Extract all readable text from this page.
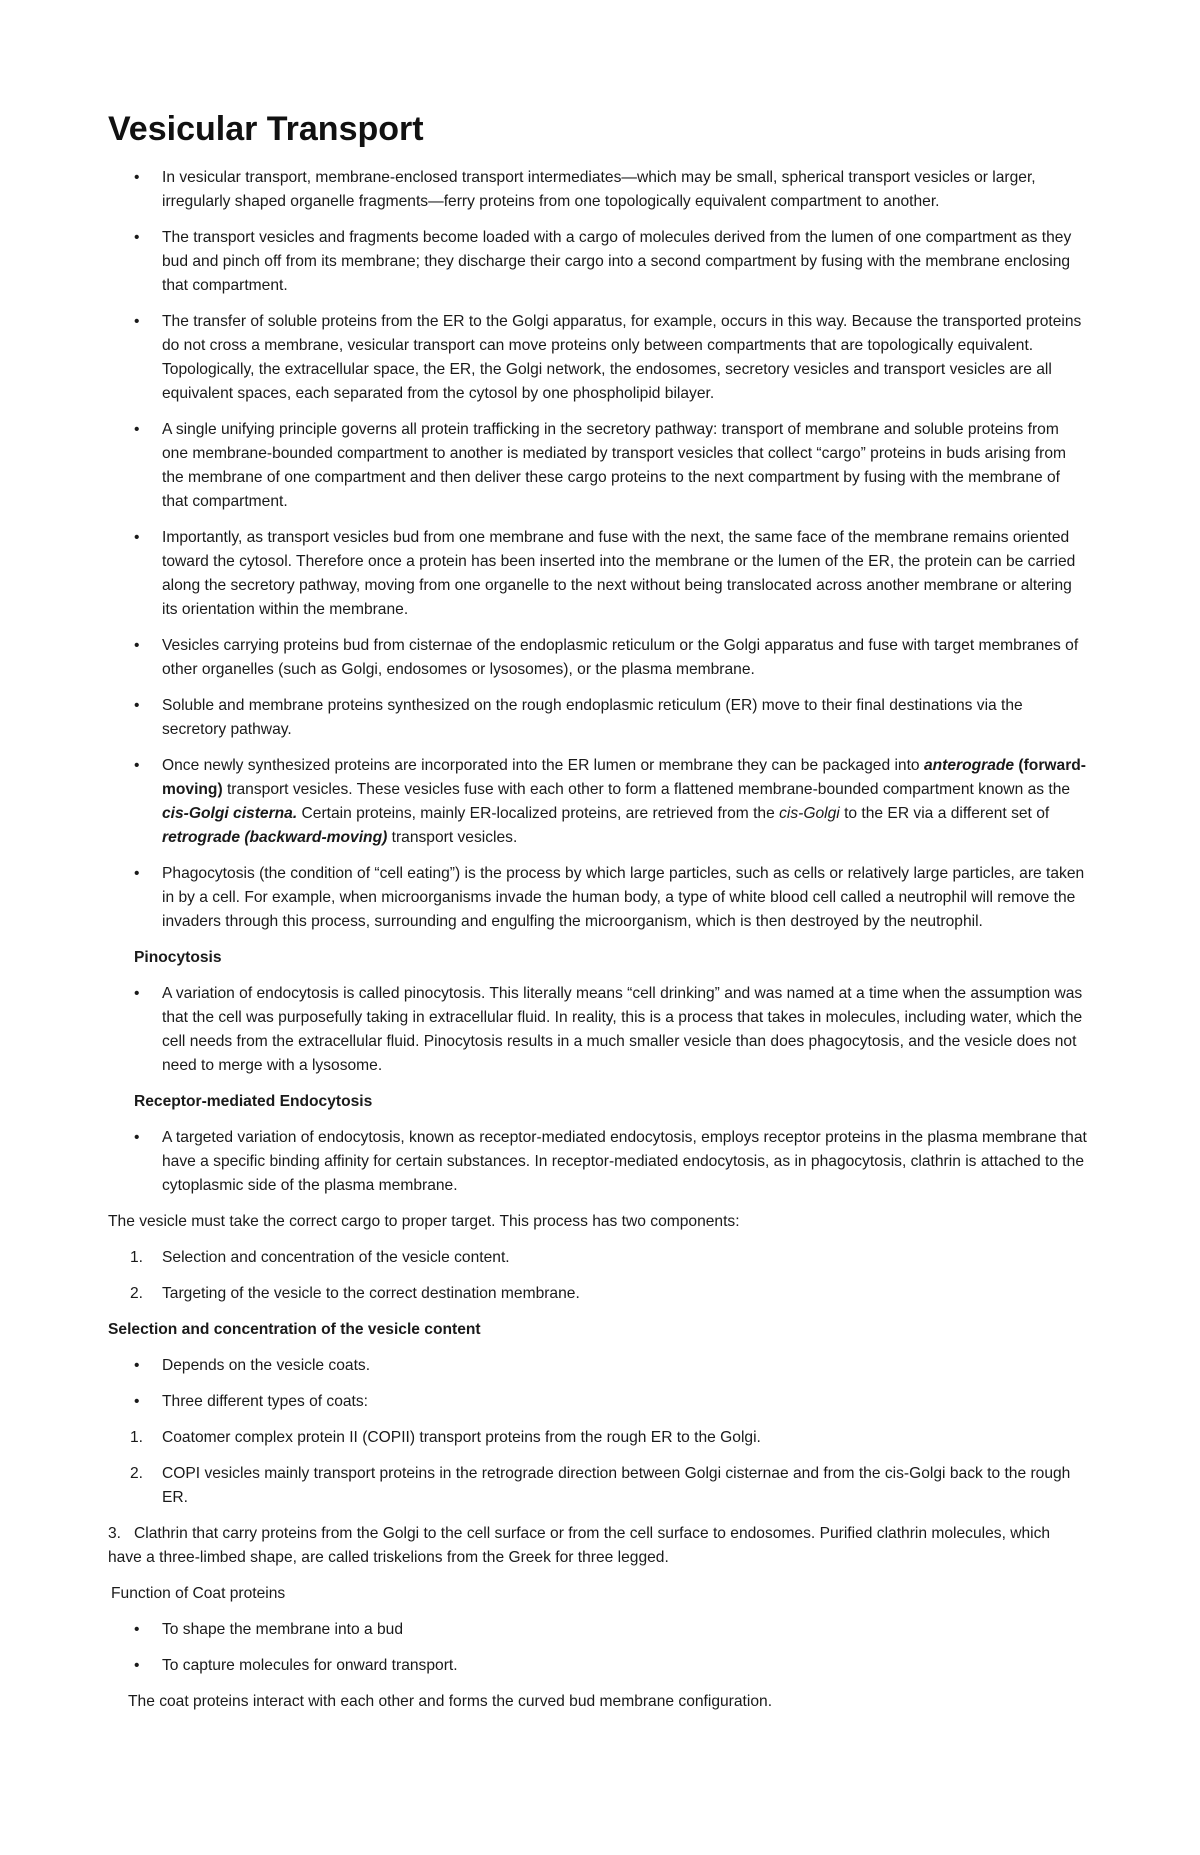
Vesicular Transport
• In vesicular transport, membrane-enclosed transport intermediates—which may be small, spherical transport vesicles or larger, irregularly shaped organelle fragments—ferry proteins from one topologically equivalent compartment to another.
• The transport vesicles and fragments become loaded with a cargo of molecules derived from the lumen of one compartment as they bud and pinch off from its membrane; they discharge their cargo into a second compartment by fusing with the membrane enclosing that compartment.
• The transfer of soluble proteins from the ER to the Golgi apparatus, for example, occurs in this way. Because the transported proteins do not cross a membrane, vesicular transport can move proteins only between compartments that are topologically equivalent. Topologically, the extracellular space, the ER, the Golgi network, the endosomes, secretory vesicles and transport vesicles are all equivalent spaces, each separated from the cytosol by one phospholipid bilayer.
• A single unifying principle governs all protein trafficking in the secretory pathway: transport of membrane and soluble proteins from one membrane-bounded compartment to another is mediated by transport vesicles that collect “cargo” proteins in buds arising from the membrane of one compartment and then deliver these cargo proteins to the next compartment by fusing with the membrane of that compartment.
• Importantly, as transport vesicles bud from one membrane and fuse with the next, the same face of the membrane remains oriented toward the cytosol. Therefore once a protein has been inserted into the membrane or the lumen of the ER, the protein can be carried along the secretory pathway, moving from one organelle to the next without being translocated across another membrane or altering its orientation within the membrane.
• Vesicles carrying proteins bud from cisternae of the endoplasmic reticulum or the Golgi apparatus and fuse with target membranes of other organelles (such as Golgi, endosomes or lysosomes), or the plasma membrane.
• Soluble and membrane proteins synthesized on the rough endoplasmic reticulum (ER) move to their final destinations via the secretory pathway.
• Once newly synthesized proteins are incorporated into the ER lumen or membrane they can be packaged into anterograde (forward-moving) transport vesicles. These vesicles fuse with each other to form a flattened membrane-bounded compartment known as the cis-Golgi cisterna. Certain proteins, mainly ER-localized proteins, are retrieved from the cis-Golgi to the ER via a different set of retrograde (backward-moving) transport vesicles.
• Phagocytosis (the condition of “cell eating”) is the process by which large particles, such as cells or relatively large particles, are taken in by a cell. For example, when microorganisms invade the human body, a type of white blood cell called a neutrophil will remove the invaders through this process, surrounding and engulfing the microorganism, which is then destroyed by the neutrophil.
Pinocytosis
• A variation of endocytosis is called pinocytosis. This literally means “cell drinking” and was named at a time when the assumption was that the cell was purposefully taking in extracellular fluid. In reality, this is a process that takes in molecules, including water, which the cell needs from the extracellular fluid. Pinocytosis results in a much smaller vesicle than does phagocytosis, and the vesicle does not need to merge with a lysosome.
Receptor-mediated Endocytosis
• A targeted variation of endocytosis, known as receptor-mediated endocytosis, employs receptor proteins in the plasma membrane that have a specific binding affinity for certain substances. In receptor-mediated endocytosis, as in phagocytosis, clathrin is attached to the cytoplasmic side of the plasma membrane.
The vesicle must take the correct cargo to proper target. This process has two components:
1. Selection and concentration of the vesicle content.
2. Targeting of the vesicle to the correct destination membrane.
Selection and concentration of the vesicle content
• Depends on the vesicle coats.
• Three different types of coats:
1. Coatomer complex protein II (COPII) transport proteins from the rough ER to the Golgi.
2. COPI vesicles mainly transport proteins in the retrograde direction between Golgi cisternae and from the cis-Golgi back to the rough ER.
3.   Clathrin that carry proteins from the Golgi to the cell surface or from the cell surface to endosomes. Purified clathrin molecules, which have a three-limbed shape, are called triskelions from the Greek for three legged.
Function of Coat proteins
• To shape the membrane into a bud
• To capture molecules for onward transport.
The coat proteins interact with each other and forms the curved bud membrane configuration.
